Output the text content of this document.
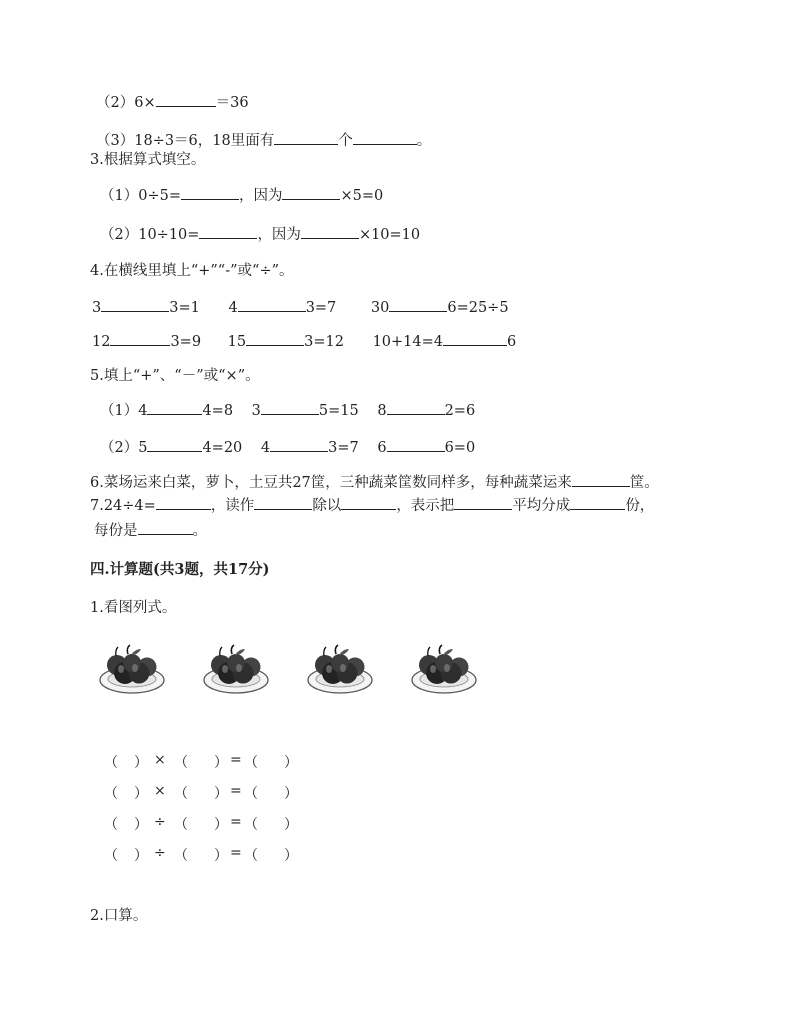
（2）6×	＝36
（3）18÷3＝6，18里面有	个	。
3.根据算式填空。
（1）0÷5=	，因为	×5=0
（2）10÷10=	，因为	×10=10
4.在横线里填上“+”“-”或“÷”。
3	3=1 4	3=7 30	6=25÷5
12	3=9 15	3=12 10+14=4	6
5.填上“+”、“－”或“×”。
（1）4	4=8 3	5=15 8	2=6
（2）5	4=20 4	3=7 6	6=0
6.菜场运来白菜，萝卜，土豆共27筐，三种蔬菜筐数同样多，每种蔬菜运来	筐。
7.24÷4=	，读作	除以	，表示把	平均分成	份，
每份是	。
四.计算题(共3题，共17分)
1.看图列式。
（ ） × （ ） = （ ）
（ ） × （ ） = （ ）
（ ） ÷ （ ） = （ ）
（ ） ÷ （ ） = （ ）
2.口算。
